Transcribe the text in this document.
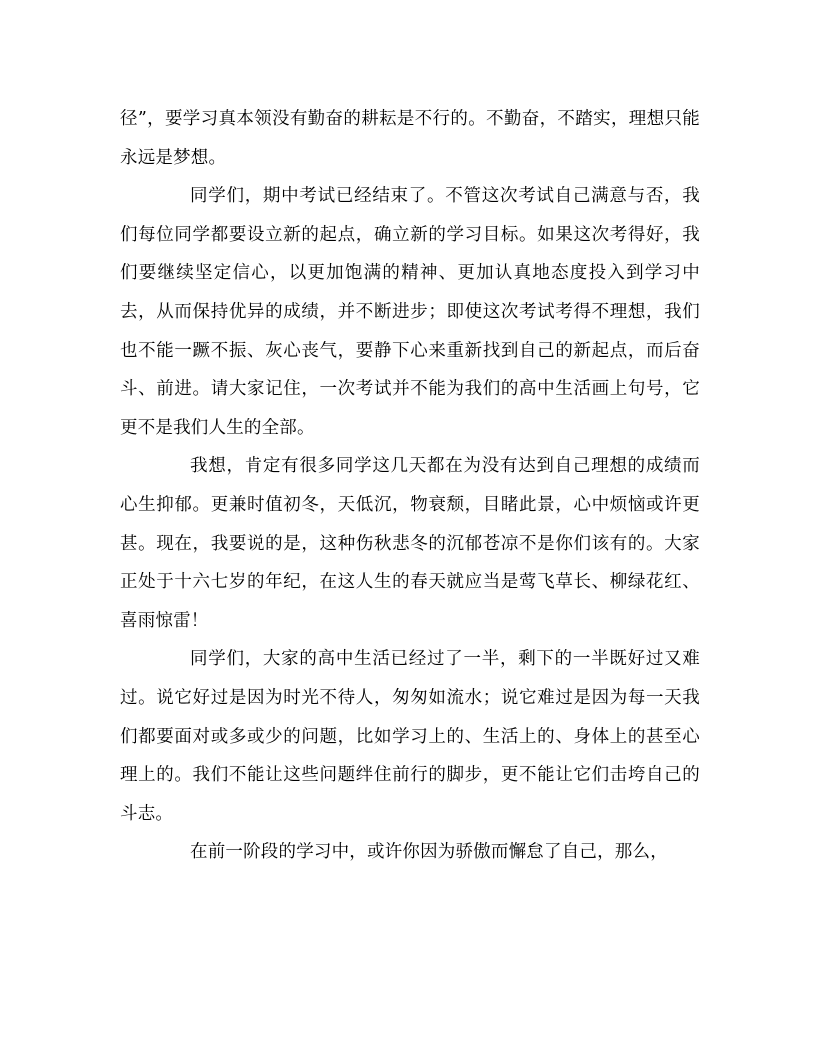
径”，要学习真本领没有勤奋的耕耘是不行的。不勤奋，不踏实，理想只能永远是梦想。

同学们，期中考试已经结束了。不管这次考试自己满意与否，我们每位同学都要设立新的起点，确立新的学习目标。如果这次考得好，我们要继续坚定信心，以更加饱满的精神、更加认真地态度投入到学习中去，从而保持优异的成绩，并不断进步；即使这次考试考得不理想，我们也不能一蹶不振、灰心丧气，要静下心来重新找到自己的新起点，而后奋斗、前进。请大家记住，一次考试并不能为我们的高中生活画上句号，它更不是我们人生的全部。

我想，肯定有很多同学这几天都在为没有达到自己理想的成绩而心生抑郁。更兼时值初冬，天低沉，物衰颓，目睹此景，心中烦恼或许更甚。现在，我要说的是，这种伤秋悲冬的沉郁苍凉不是你们该有的。大家正处于十六七岁的年纪，在这人生的春天就应当是莺飞草长、柳绿花红、喜雨惊雷！

同学们，大家的高中生活已经过了一半，剩下的一半既好过又难过。说它好过是因为时光不待人，匆匆如流水；说它难过是因为每一天我们都要面对或多或少的问题，比如学习上的、生活上的、身体上的甚至心理上的。我们不能让这些问题绊住前行的脚步，更不能让它们击垮自己的斗志。

在前一阶段的学习中，或许你因为骄傲而懈怠了自己，那么，
